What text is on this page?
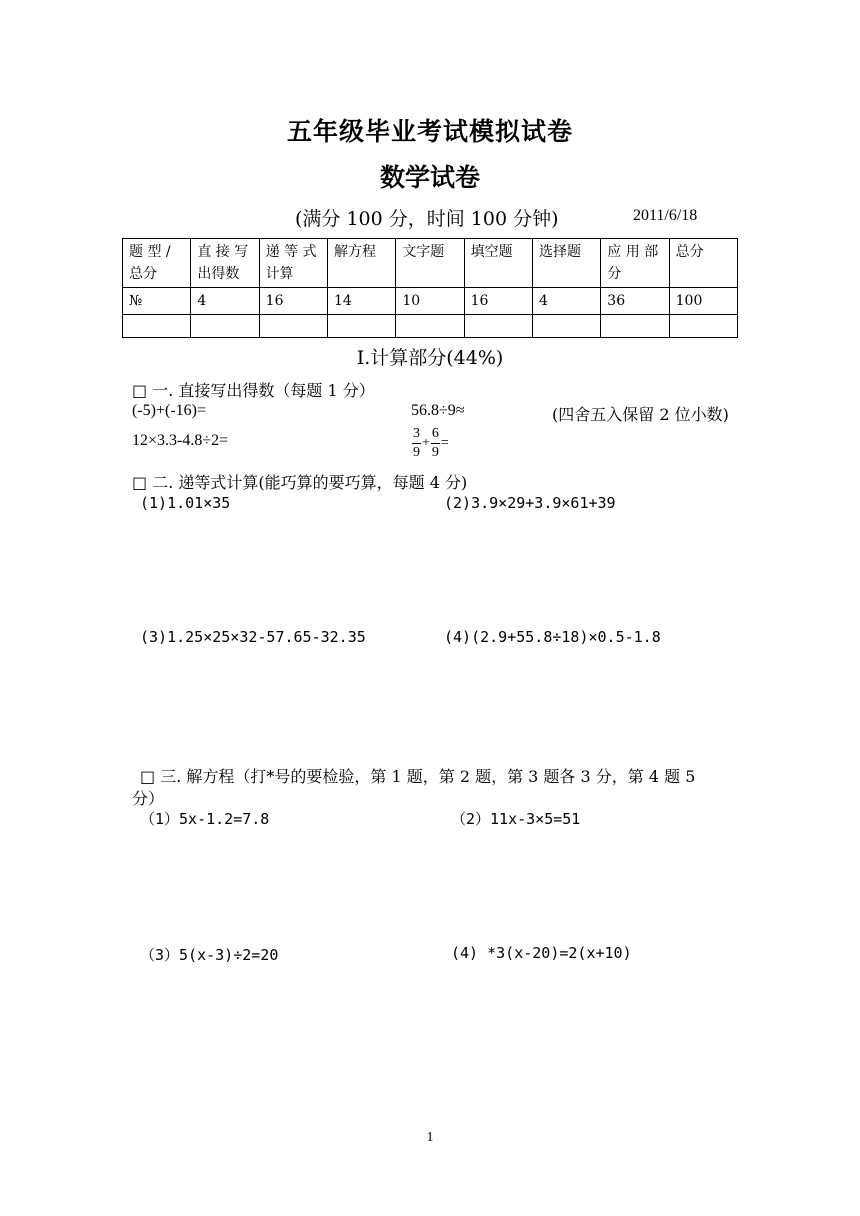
五年级毕业考试模拟试卷
数学试卷
(满分 100 分，时间 100 分钟)	2011/6/18
题 型 / 总分	直 接 写 出得数	递 等 式 计算	解方程	文字题	填空题	选择题	应 用 部 分	总分
№	4	16	14	10	16	4	36	100

Ⅰ.计算部分(44%)
□ 一. 直接写出得数（每题 1 分）
(-5)+(-16)=	56.8÷9≈	(四舍五入保留 2 位小数)
12×3.3-4.8÷2=	$\frac{3}{9} + \frac{6}{9}$ =
□ 二. 递等式计算(能巧算的要巧算，每题 4 分)
(1)1.01×35	(2)3.9×29+3.9×61+39
(3)1.25×25×32-57.65-32.35	(4)(2.9+55.8÷18)×0.5-1.8
□ 三. 解方程（打*号的要检验，第 1 题，第 2 题，第 3 题各 3 分，第 4 题 5
分）
（1）5x-1.2=7.8	（2）11x-3×5=51
（3）5(x-3)÷2=20	(4) *3(x-20)=2(x+10)
1
